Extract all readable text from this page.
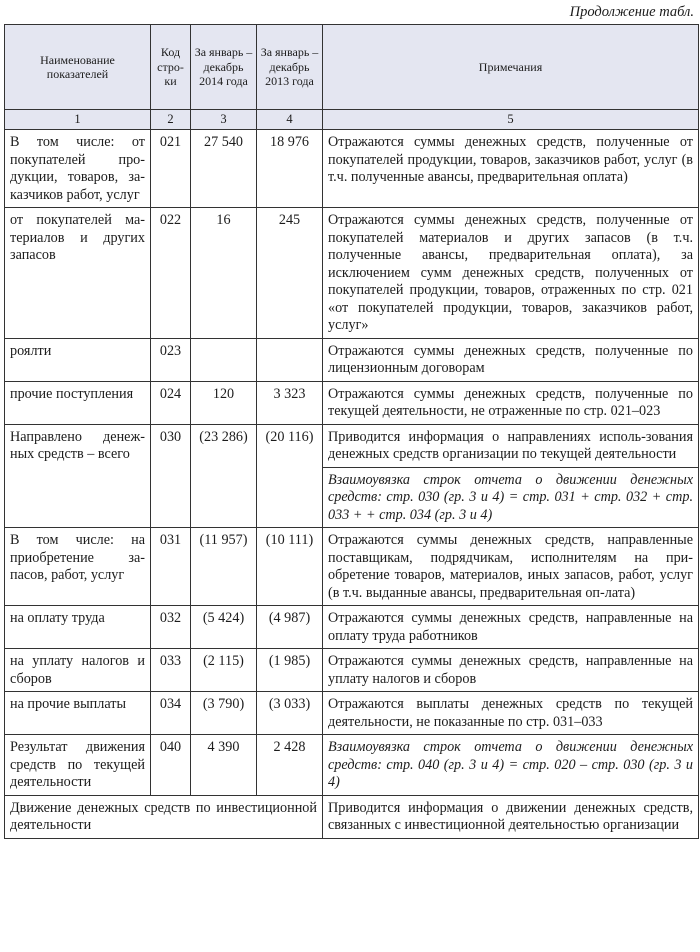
Продолжение табл.
Наименование показателей	Код стро-ки	За январь – декабрь 2014 года	За январь – декабрь 2013 года	Примечания
1	2	3	4	5
В том числе: от покупателей про-дукции, товаров, за-казчиков работ, услуг	021	27 540	18 976	Отражаются суммы денежных средств, полученные от покупателей продукции, товаров, заказчиков работ, услуг (в т.ч. полученные авансы, предварительная оплата)
от покупателей ма-териалов и других запасов	022	16	245	Отражаются суммы денежных средств, полученные от покупателей материалов и других запасов (в т.ч. полученные авансы, предварительная оплата), за исключением сумм денежных средств, полученных от покупателей продукции, товаров, отраженных по стр. 021 «от покупателей продукции, товаров, заказчиков работ, услуг»
роялти	023			Отражаются суммы денежных средств, полученные по лицензионным договорам
прочие поступления	024	120	3 323	Отражаются суммы денежных средств, полученные по текущей деятельности, не отраженные по стр. 021–023
Направлено денеж-ных средств – всего	030	(23 286)	(20 116)	Приводится информация о направлениях исполь-зования денежных средств организации по текущей деятельности
				Взаимоувязка строк отчета о движении денежных средств: стр. 030 (гр. 3 и 4) = стр. 031 + стр. 032 + стр. 033 + + стр. 034 (гр. 3 и 4)
В том числе: на приобретение за-пасов, работ, услуг	031	(11 957)	(10 111)	Отражаются суммы денежных средств, направленные поставщикам, подрядчикам, исполнителям на при-обретение товаров, материалов, иных запасов, работ, услуг (в т.ч. выданные авансы, предварительная оп-лата)
на оплату труда	032	(5 424)	(4 987)	Отражаются суммы денежных средств, направленные на оплату труда работников
на уплату налогов и сборов	033	(2 115)	(1 985)	Отражаются суммы денежных средств, направленные на уплату налогов и сборов
на прочие выплаты	034	(3 790)	(3 033)	Отражаются выплаты денежных средств по текущей деятельности, не показанные по стр. 031–033
Результат движения средств по текущей деятельности	040	4 390	2 428	Взаимоувязка строк отчета о движении денежных средств: стр. 040 (гр. 3 и 4) = стр. 020 – стр. 030 (гр. 3 и 4)
Движение денежных средств по инвестиционной деятельности				Приводится информация о движении денежных средств, связанных с инвестиционной деятельностью организации
